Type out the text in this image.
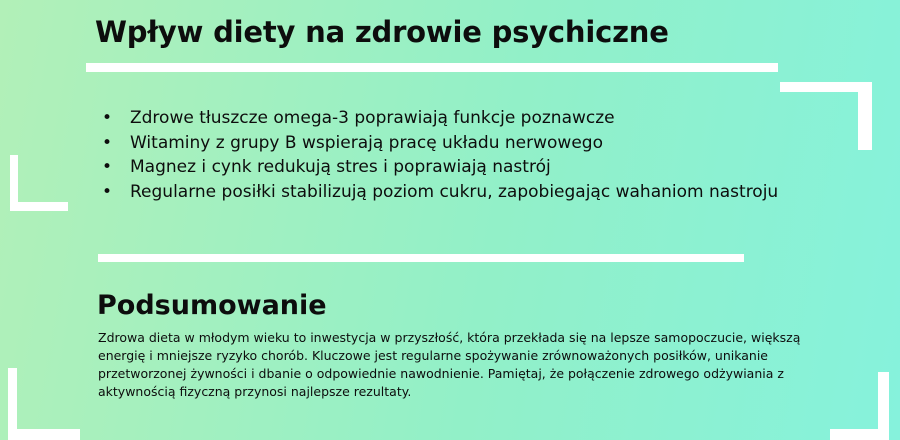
Wpływ diety na zdrowie psychiczne
• Zdrowe tłuszcze omega-3 poprawiają funkcje poznawcze
• Witaminy z grupy B wspierają pracę układu nerwowego
• Magnez i cynk redukują stres i poprawiają nastrój
• Regularne posiłki stabilizują poziom cukru, zapobiegając wahaniom nastroju
Podsumowanie

Zdrowa dieta w młodym wieku to inwestycja w przyszłość, która przekłada się na lepsze samopoczucie, większą energię i mniejsze ryzyko chorób. Kluczowe jest regularne spożywanie zrównoważonych posiłków, unikanie przetworzonej żywności i dbanie o odpowiednie nawodnienie. Pamiętaj, że połączenie zdrowego odżywiania z aktywnością fizyczną przynosi najlepsze rezultaty.
